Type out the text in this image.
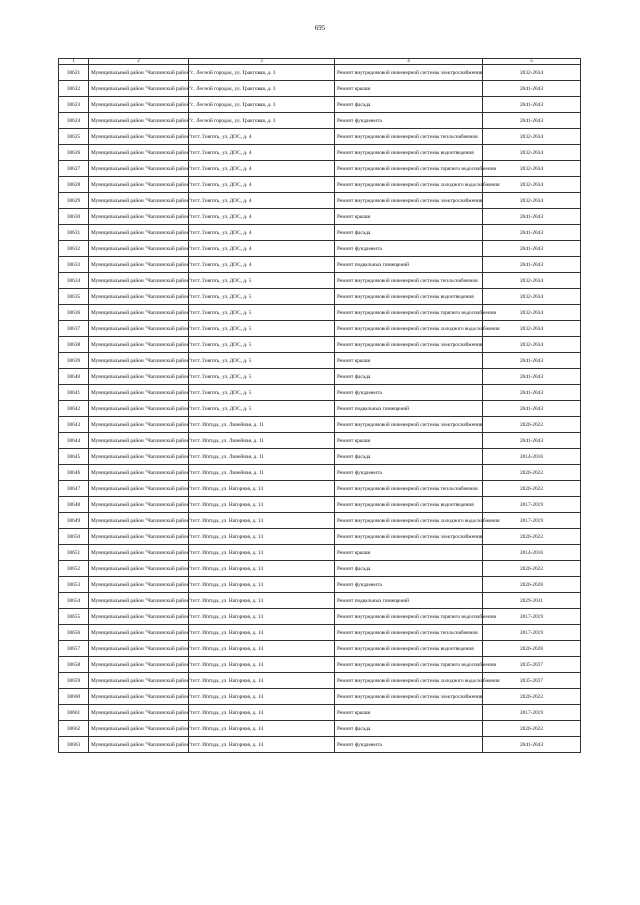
695
1	2	3	4	5
30621	Муниципальный район "Чаплинский район"	с. Лесной городок, ул. Трактовая, д. 3	Ремонт внутридомовой инженерной системы электроснабжения	2032-2034
30622	Муниципальный район "Чаплинский район"	с. Лесной городок, ул. Трактовая, д. 3	Ремонт крыши	2041-2043
30623	Муниципальный район "Чаплинский район"	с. Лесной городок, ул. Трактовая, д. 3	Ремонт фасада	2041-2043
30624	Муниципальный район "Чаплинский район"	с. Лесной городок, ул. Трактовая, д. 3	Ремонт фундамента	2041-2043
30625	Муниципальный район "Чаплинский район"	п/ст. Говготь, ул. ДОС, д. 4	Ремонт внутридомовой инженерной системы теплоснабжения	2032-2034
30626	Муниципальный район "Чаплинский район"	п/ст. Говготь, ул. ДОС, д. 4	Ремонт внутридомовой инженерной системы водоотведения	2032-2034
30627	Муниципальный район "Чаплинский район"	п/ст. Говготь, ул. ДОС, д. 4	Ремонт внутридомовой инженерной системы горячего водоснабжения	2032-2034
30628	Муниципальный район "Чаплинский район"	п/ст. Говготь, ул. ДОС, д. 4	Ремонт внутридомовой инженерной системы холодного водоснабжения	2032-2034
30629	Муниципальный район "Чаплинский район"	п/ст. Говготь, ул. ДОС, д. 4	Ремонт внутридомовой инженерной системы электроснабжения	2032-2034
30630	Муниципальный район "Чаплинский район"	п/ст. Говготь, ул. ДОС, д. 4	Ремонт крыши	2041-2043
30631	Муниципальный район "Чаплинский район"	п/ст. Говготь, ул. ДОС, д. 4	Ремонт фасада	2041-2043
30632	Муниципальный район "Чаплинский район"	п/ст. Говготь, ул. ДОС, д. 4	Ремонт фундамента	2041-2043
30633	Муниципальный район "Чаплинский район"	п/ст. Говготь, ул. ДОС, д. 4	Ремонт подвальных помещений	2041-2043
30634	Муниципальный район "Чаплинский район"	п/ст. Говготь, ул. ДОС, д. 5	Ремонт внутридомовой инженерной системы теплоснабжения	2032-2034
30635	Муниципальный район "Чаплинский район"	п/ст. Говготь, ул. ДОС, д. 5	Ремонт внутридомовой инженерной системы водоотведения	2032-2034
30636	Муниципальный район "Чаплинский район"	п/ст. Говготь, ул. ДОС, д. 5	Ремонт внутридомовой инженерной системы горячего водоснабжения	2032-2034
30637	Муниципальный район "Чаплинский район"	п/ст. Говготь, ул. ДОС, д. 5	Ремонт внутридомовой инженерной системы холодного водоснабжения	2032-2034
30638	Муниципальный район "Чаплинский район"	п/ст. Говготь, ул. ДОС, д. 5	Ремонт внутридомовой инженерной системы электроснабжения	2032-2034
30639	Муниципальный район "Чаплинский район"	п/ст. Говготь, ул. ДОС, д. 5	Ремонт крыши	2041-2043
30640	Муниципальный район "Чаплинский район"	п/ст. Говготь, ул. ДОС, д. 5	Ремонт фасада	2041-2043
30641	Муниципальный район "Чаплинский район"	п/ст. Говготь, ул. ДОС, д. 5	Ремонт фундамента	2041-2043
30642	Муниципальный район "Чаплинский район"	п/ст. Говготь, ул. ДОС, д. 5	Ремонт подвальных помещений	2041-2043
30643	Муниципальный район "Чаплинский район"	п/ст. Ипгода, ул. Линейная, д. 11	Ремонт внутридомовой инженерной системы электроснабжения	2020-2022
30644	Муниципальный район "Чаплинский район"	п/ст. Ипгода, ул. Линейная, д. 11	Ремонт крыши	2041-2043
30645	Муниципальный район "Чаплинский район"	п/ст. Ипгода, ул. Линейная, д. 11	Ремонт фасада	2014-2016
30646	Муниципальный район "Чаплинский район"	п/ст. Ипгода, ул. Линейная, д. 11	Ремонт фундамента	2020-2022
30647	Муниципальный район "Чаплинский район"	п/ст. Ипгода, ул. Нагорная, д. 13	Ремонт внутридомовой инженерной системы теплоснабжения	2020-2022
30648	Муниципальный район "Чаплинский район"	п/ст. Ипгода, ул. Нагорная, д. 13	Ремонт внутридомовой инженерной системы водоотведения	2017-2019
30649	Муниципальный район "Чаплинский район"	п/ст. Ипгода, ул. Нагорная, д. 13	Ремонт внутридомовой инженерной системы холодного водоснабжения	2017-2019
30650	Муниципальный район "Чаплинский район"	п/ст. Ипгода, ул. Нагорная, д. 13	Ремонт внутридомовой инженерной системы электроснабжения	2020-2022
30651	Муниципальный район "Чаплинский район"	п/ст. Ипгода, ул. Нагорная, д. 13	Ремонт крыши	2014-2016
30652	Муниципальный район "Чаплинский район"	п/ст. Ипгода, ул. Нагорная, д. 13	Ремонт фасада	2020-2022
30653	Муниципальный район "Чаплинский район"	п/ст. Ипгода, ул. Нагорная, д. 13	Ремонт фундамента	2026-2028
30654	Муниципальный район "Чаплинский район"	п/ст. Ипгода, ул. Нагорная, д. 13	Ремонт подвальных помещений	2029-2031
30655	Муниципальный район "Чаплинский район"	п/ст. Ипгода, ул. Нагорная, д. 13	Ремонт внутридомовой инженерной системы горячего водоснабжения	2017-2019
30656	Муниципальный район "Чаплинский район"	п/ст. Ипгода, ул. Нагорная, д. 14	Ремонт внутридомовой инженерной системы теплоснабжения	2017-2019
30657	Муниципальный район "Чаплинский район"	п/ст. Ипгода, ул. Нагорная, д. 14	Ремонт внутридомовой инженерной системы водоотведения	2026-2028
30658	Муниципальный район "Чаплинский район"	п/ст. Ипгода, ул. Нагорная, д. 14	Ремонт внутридомовой инженерной системы горячего водоснабжения	2035-2037
30659	Муниципальный район "Чаплинский район"	п/ст. Ипгода, ул. Нагорная, д. 14	Ремонт внутридомовой инженерной системы холодного водоснабжения	2035-2037
30660	Муниципальный район "Чаплинский район"	п/ст. Ипгода, ул. Нагорная, д. 14	Ремонт внутридомовой инженерной системы электроснабжения	2020-2022
30661	Муниципальный район "Чаплинский район"	п/ст. Ипгода, ул. Нагорная, д. 14	Ремонт крыши	2017-2019
30662	Муниципальный район "Чаплинский район"	п/ст. Ипгода, ул. Нагорная, д. 14	Ремонт фасада	2020-2022
30663	Муниципальный район "Чаплинский район"	п/ст. Ипгода, ул. Нагорная, д. 14	Ремонт фундамента	2041-2043
